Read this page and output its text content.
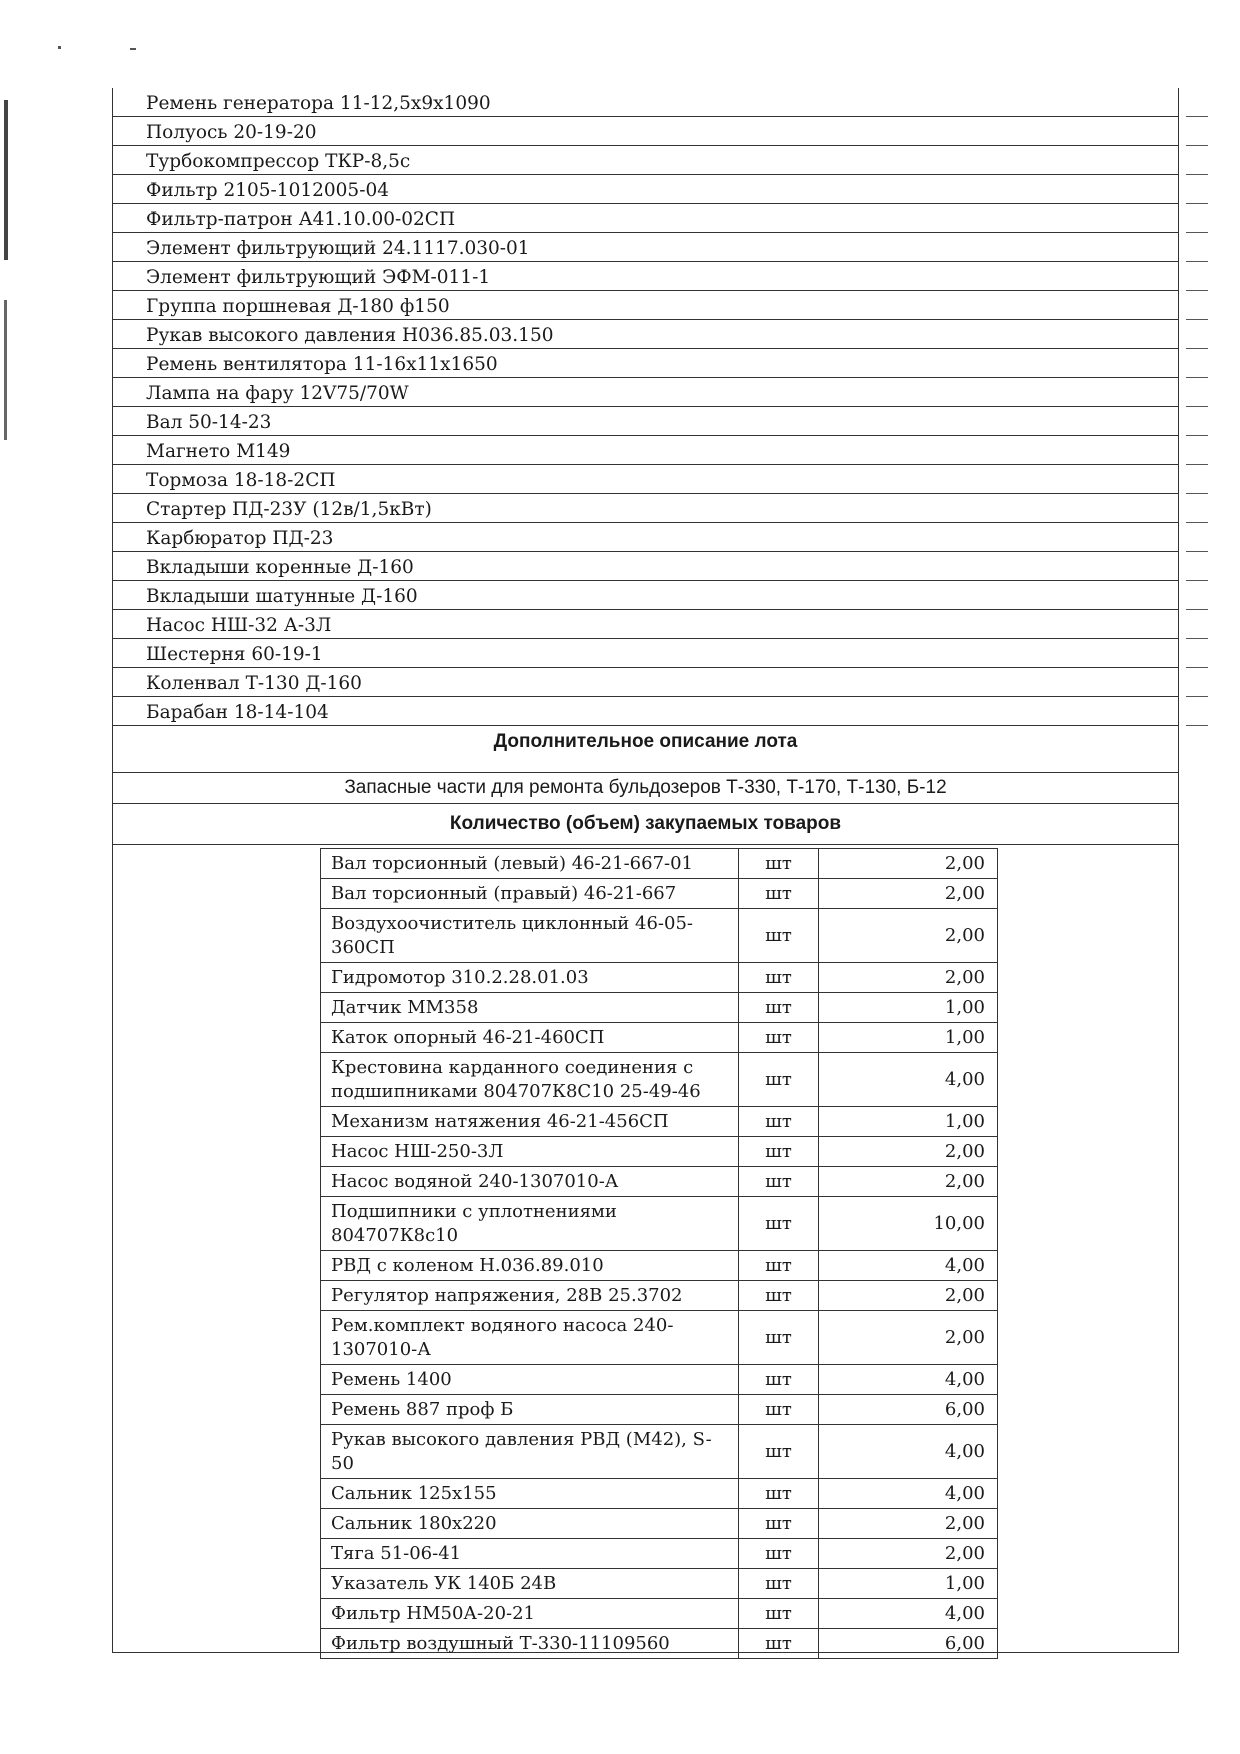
Ремень генератора 11-12,5х9х1090
Полуось 20-19-20
Турбокомпрессор ТКР-8,5с
Фильтр 2105-1012005-04
Фильтр-патрон А41.10.00-02СП
Элемент фильтрующий 24.1117.030-01
Элемент фильтрующий ЭФМ-011-1
Группа поршневая Д-180 ф150
Рукав высокого давления Н036.85.03.150
Ремень вентилятора 11-16х11х1650
Лампа на фару 12V75/70W
Вал 50-14-23
Магнето М149
Тормоза 18-18-2СП
Стартер ПД-23У (12в/1,5кВт)
Карбюратор ПД-23
Вкладыши коренные Д-160
Вкладыши шатунные Д-160
Насос НШ-32 А-3Л
Шестерня 60-19-1
Коленвал Т-130 Д-160
Барабан 18-14-104
Дополнительное описание лота
Запасные части для ремонта бульдозеров Т-330, Т-170, Т-130, Б-12
Количество (объем) закупаемых товаров
Вал торсионный (левый) 46-21-667-01	шт	2,00
Вал торсионный (правый) 46-21-667	шт	2,00
Воздухоочиститель циклонный 46-05-360СП	шт	2,00
Гидромотор 310.2.28.01.03	шт	2,00
Датчик ММ358	шт	1,00
Каток опорный 46-21-460СП	шт	1,00
Крестовина карданного соединения с подшипниками 804707К8С10 25-49-46	шт	4,00
Механизм натяжения 46-21-456СП	шт	1,00
Насос НШ-250-3Л	шт	2,00
Насос водяной 240-1307010-А	шт	2,00
Подшипники с уплотнениями 804707К8с10	шт	10,00
РВД с коленом Н.036.89.010	шт	4,00
Регулятор напряжения, 28В 25.3702	шт	2,00
Рем.комплект водяного насоса 240-1307010-А	шт	2,00
Ремень 1400	шт	4,00
Ремень 887 проф Б	шт	6,00
Рукав высокого давления РВД (М42), S-50	шт	4,00
Сальник 125х155	шт	4,00
Сальник 180х220	шт	2,00
Тяга 51-06-41	шт	2,00
Указатель УК 140Б 24В	шт	1,00
Фильтр НМ50А-20-21	шт	4,00
Фильтр воздушный Т-330-11109560	шт	6,00
